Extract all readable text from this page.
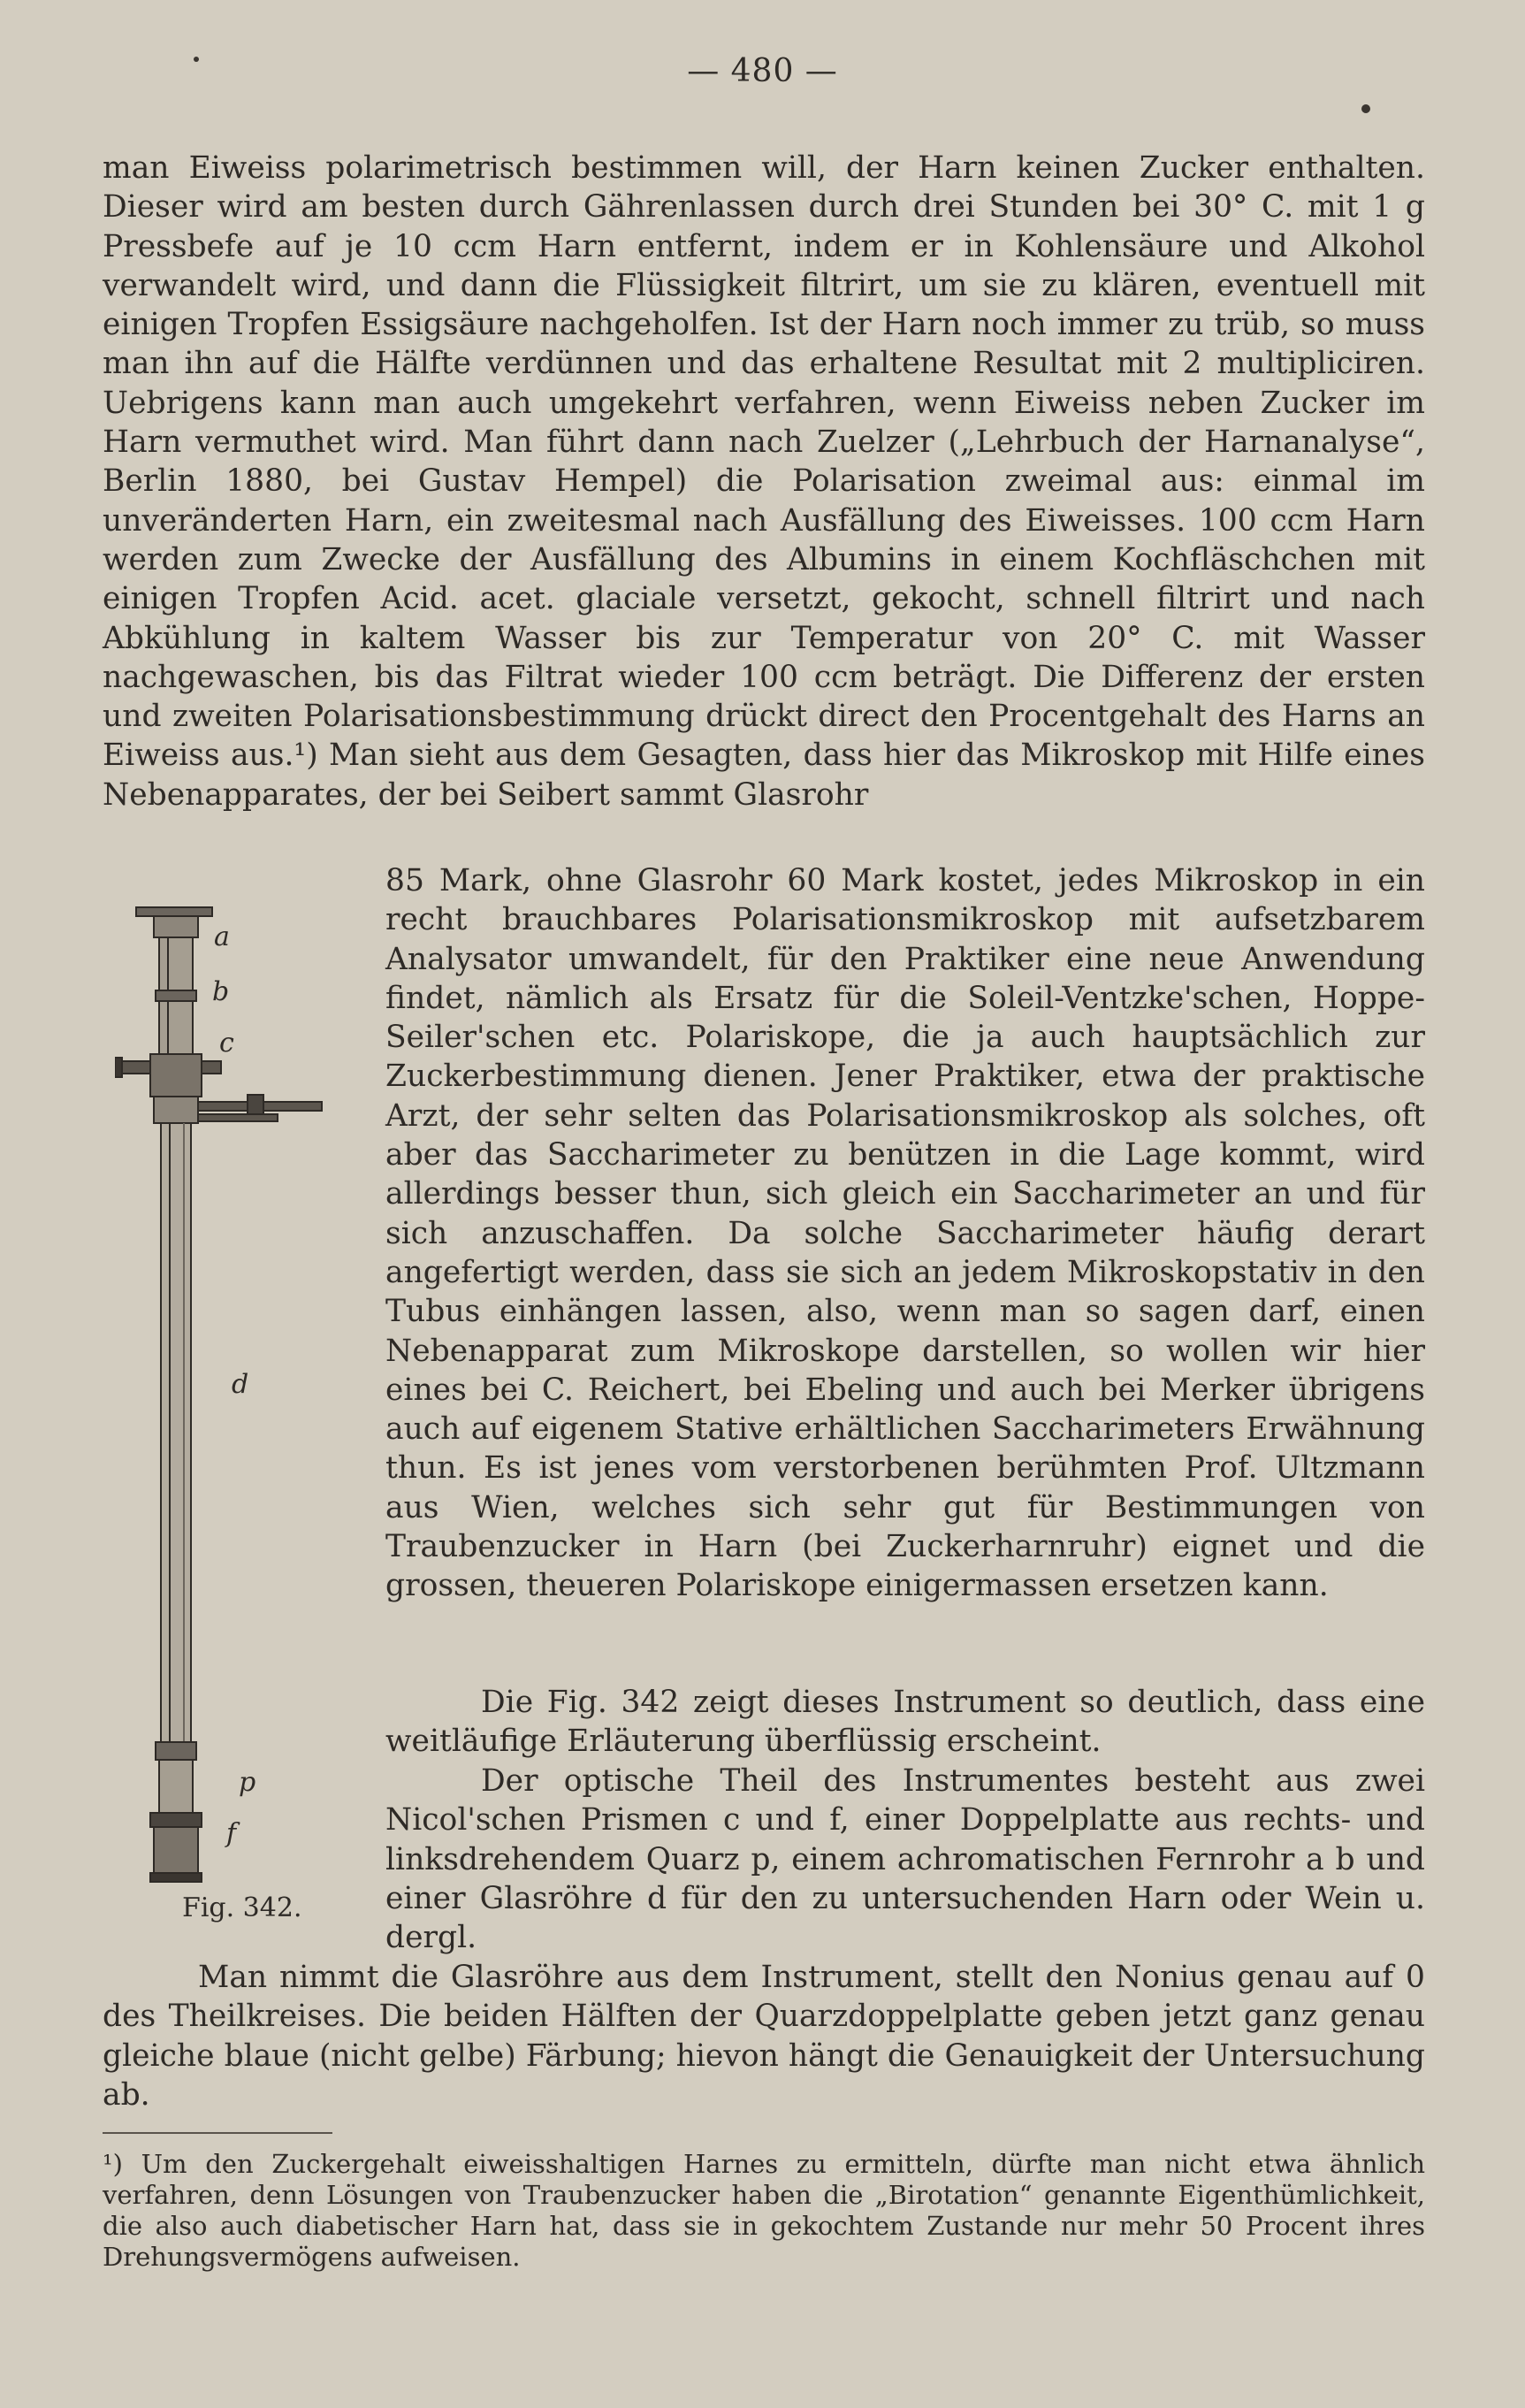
— 480 —

man Eiweiss polarimetrisch bestimmen will, der Harn keinen Zucker enthalten. Dieser wird am besten durch Gährenlassen durch drei Stunden bei 30° C. mit 1 g Pressbefe auf je 10 ccm Harn entfernt, indem er in Kohlensäure und Alkohol verwandelt wird, und dann die Flüssigkeit filtrirt, um sie zu klären, eventuell mit einigen Tropfen Essigsäure nachgeholfen. Ist der Harn noch immer zu trüb, so muss man ihn auf die Hälfte verdünnen und das erhaltene Resultat mit 2 multipliciren. Uebrigens kann man auch umgekehrt verfahren, wenn Eiweiss neben Zucker im Harn vermuthet wird. Man führt dann nach Zuelzer („Lehrbuch der Harnanalyse“, Berlin 1880, bei Gustav Hempel) die Polarisation zweimal aus: einmal im unveränderten Harn, ein zweitesmal nach Ausfällung des Eiweisses. 100 ccm Harn werden zum Zwecke der Ausfällung des Albumins in einem Kochfläschchen mit einigen Tropfen Acid. acet. glaciale versetzt, gekocht, schnell filtrirt und nach Abkühlung in kaltem Wasser bis zur Temperatur von 20° C. mit Wasser nachgewaschen, bis das Filtrat wieder 100 ccm beträgt. Die Differenz der ersten und zweiten Polarisationsbestimmung drückt direct den Procentgehalt des Harns an Eiweiss aus.¹) Man sieht aus dem Gesagten, dass hier das Mikroskop mit Hilfe eines Nebenapparates, der bei Seibert sammt Glasrohr

85 Mark, ohne Glasrohr 60 Mark kostet, jedes Mikroskop in ein recht brauchbares Polarisationsmikroskop mit aufsetzbarem Analysator umwandelt, für den Praktiker eine neue Anwendung findet, nämlich als Ersatz für die Soleil-Ventzke'schen, Hoppe-Seiler'schen etc. Polariskope, die ja auch hauptsächlich zur Zuckerbestimmung dienen. Jener Praktiker, etwa der praktische Arzt, der sehr selten das Polarisationsmikroskop als solches, oft aber das Saccharimeter zu benützen in die Lage kommt, wird allerdings besser thun, sich gleich ein Saccharimeter an und für sich anzuschaffen. Da solche Saccharimeter häufig derart angefertigt werden, dass sie sich an jedem Mikroskopstativ in den Tubus einhängen lassen, also, wenn man so sagen darf, einen Nebenapparat zum Mikroskope darstellen, so wollen wir hier eines bei C. Reichert, bei Ebeling und auch bei Merker übrigens auch auf eigenem Stative erhältlichen Saccharimeters Erwähnung thun. Es ist jenes vom verstorbenen berühmten Prof. Ultzmann aus Wien, welches sich sehr gut für Bestimmungen von Traubenzucker in Harn (bei Zuckerharnruhr) eignet und die grossen, theueren Polariskope einigermassen ersetzen kann.

Die Fig. 342 zeigt dieses Instrument so deutlich, dass eine weitläufige Erläuterung überflüssig erscheint.

Der optische Theil des Instrumentes besteht aus zwei Nicol'schen Prismen c und f, einer Doppelplatte aus rechts- und linksdrehendem Quarz p, einem achromatischen Fernrohr a b und einer Glasröhre d für den zu untersuchenden Harn oder Wein u. dergl.

Man nimmt die Glasröhre aus dem Instrument, stellt den Nonius genau auf 0 des Theilkreises. Die beiden Hälften der Quarzdoppelplatte geben jetzt ganz genau gleiche blaue (nicht gelbe) Färbung; hievon hängt die Genauigkeit der Untersuchung ab.

a
b
c
d
p
f
Fig. 342.

¹) Um den Zuckergehalt eiweisshaltigen Harnes zu ermitteln, dürfte man nicht etwa ähnlich verfahren, denn Lösungen von Traubenzucker haben die „Birotation“ genannte Eigenthümlichkeit, die also auch diabetischer Harn hat, dass sie in gekochtem Zustande nur mehr 50 Procent ihres Drehungsvermögens aufweisen.
